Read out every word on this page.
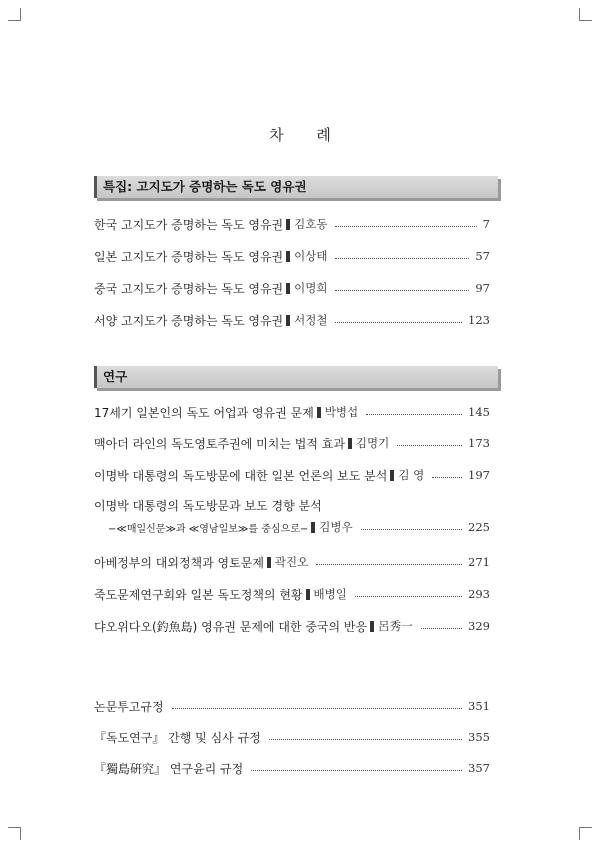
차 례
특집: 고지도가 증명하는 독도 영유권
한국 고지도가 증명하는 독도 영유권 김호동	7
일본 고지도가 증명하는 독도 영유권 이상태	57
중국 고지도가 증명하는 독도 영유권 이명희	97
서양 고지도가 증명하는 독도 영유권 서정철	123
연구
17세기 일본인의 독도 어업과 영유권 문제 박병섭	145
맥아더 라인의 독도영토주권에 미치는 법적 효과 김명기	173
이명박 대통령의 독도방문에 대한 일본 언론의 보도 분석 김 영	197
이명박 대통령의 독도방문과 보도 경향 분석
−≪매일신문≫과 ≪영남일보≫를 중심으로− 김병우	225
아베정부의 대외정책과 영토문제 곽진오	271
죽도문제연구회와 일본 독도정책의 현황 배병일	293
댜오위다오(釣魚島) 영유권 문제에 대한 중국의 반응 呂秀一	329
논문투고규정	351
『독도연구』 간행 및 심사 규정	355
『獨島硏究』 연구윤리 규정	357
